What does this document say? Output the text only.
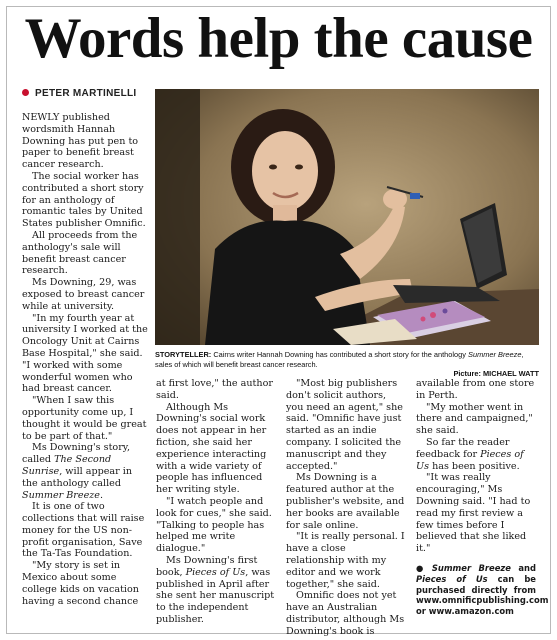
Words help the cause
PETER MARTINELLI

NEWLY published wordsmith Hannah Downing has put pen to paper to benefit breast cancer research.

The social worker has contributed a short story for an anthology of romantic tales by United States publisher Omnific.

All proceeds from the anthology's sale will benefit breast cancer research.

Ms Downing, 29, was exposed to breast cancer while at university.

"In my fourth year at university I worked at the Oncology Unit at Cairns Base Hospital," she said. "I worked with some wonderful women who had breast cancer.

"When I saw this opportunity come up, I thought it would be great to be part of that."

Ms Downing's story, called The Second Sunrise, will appear in the anthology called Summer Breeze.

It is one of two collections that will raise money for the US non-profit organisation, Save the Ta-Tas Foundation.

"My story is set in Mexico about some college kids on vacation having a second chance

STORYTELLER: Cairns writer Hannah Downing has contributed a short story for the anthology Summer Breeze, sales of which will benefit breast cancer research.
Picture: MICHAEL WATT

at first love," the author said.

Although Ms Downing's social work does not appear in her fiction, she said her experience interacting with a wide variety of people has influenced her writing style.

"I watch people and look for cues," she said. "Talking to people has helped me write dialogue."

Ms Downing's first book, Pieces of Us, was published in April after she sent her manuscript to the independent publisher.

"Most big publishers don't solicit authors, you need an agent," she said. "Omnific have just started as an indie company. I solicited the manuscript and they accepted."

Ms Downing is a featured author at the publisher's website, and her books are available for sale online.

"It is really personal. I have a close relationship with my editor and we work together," she said.

Omnific does not yet have an Australian distributor, although Ms Downing's book is

available from one store in Perth.

"My mother went in there and campaigned," she said.

So far the reader feedback for Pieces of Us has been positive.

"It was really encouraging," Ms Downing said. "I had to read my first review a few times before I believed that she liked it."

● Summer Breeze and Pieces of Us can be purchased directly from www.omnificpublishing.com or www.amazon.com
